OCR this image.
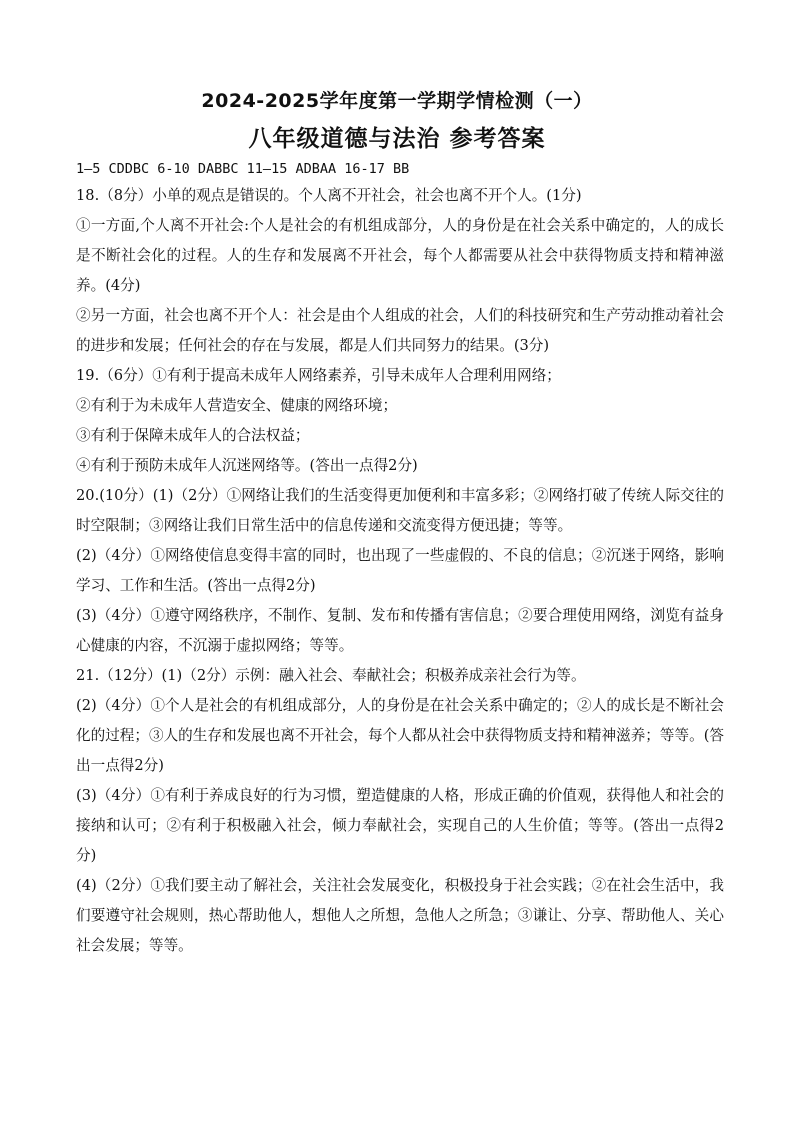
2024-2025学年度第一学期学情检测（一）
八年级道德与法治 参考答案

1—5 CDDBC 6-10 DABBC 11—15 ADBAA 16-17 BB

18.（8分）小单的观点是错误的。个人离不开社会，社会也离不开个人。(1分)

①一方面,个人离不开社会:个人是社会的有机组成部分，人的身份是在社会关系中确定的，人的成长是不断社会化的过程。人的生存和发展离不开社会，每个人都需要从社会中获得物质支持和精神滋养。(4分)

②另一方面，社会也离不开个人：社会是由个人组成的社会，人们的科技研究和生产劳动推动着社会的进步和发展；任何社会的存在与发展，都是人们共同努力的结果。(3分)

19.（6分）①有利于提高未成年人网络素养，引导未成年人合理利用网络；

②有利于为未成年人营造安全、健康的网络环境；

③有利于保障未成年人的合法权益；

④有利于预防未成年人沉迷网络等。(答出一点得2分)

20.(10分）(1)（2分）①网络让我们的生活变得更加便利和丰富多彩；②网络打破了传统人际交往的时空限制；③网络让我们日常生活中的信息传递和交流变得方便迅捷；等等。

(2)（4分）①网络使信息变得丰富的同时，也出现了一些虚假的、不良的信息；②沉迷于网络，影响学习、工作和生活。(答出一点得2分)

(3)（4分）①遵守网络秩序，不制作、复制、发布和传播有害信息；②要合理使用网络，浏览有益身心健康的内容，不沉溺于虚拟网络；等等。

21.（12分）(1)（2分）示例：融入社会、奉献社会；积极养成亲社会行为等。

(2)（4分）①个人是社会的有机组成部分，人的身份是在社会关系中确定的；②人的成长是不断社会化的过程；③人的生存和发展也离不开社会，每个人都从社会中获得物质支持和精神滋养；等等。(答出一点得2分)

(3)（4分）①有利于养成良好的行为习惯，塑造健康的人格，形成正确的价值观，获得他人和社会的接纳和认可；②有利于积极融入社会，倾力奉献社会，实现自己的人生价值；等等。(答出一点得2分)

(4)（2分）①我们要主动了解社会，关注社会发展变化，积极投身于社会实践；②在社会生活中，我们要遵守社会规则，热心帮助他人，想他人之所想，急他人之所急；③谦让、分享、帮助他人、关心社会发展；等等。
